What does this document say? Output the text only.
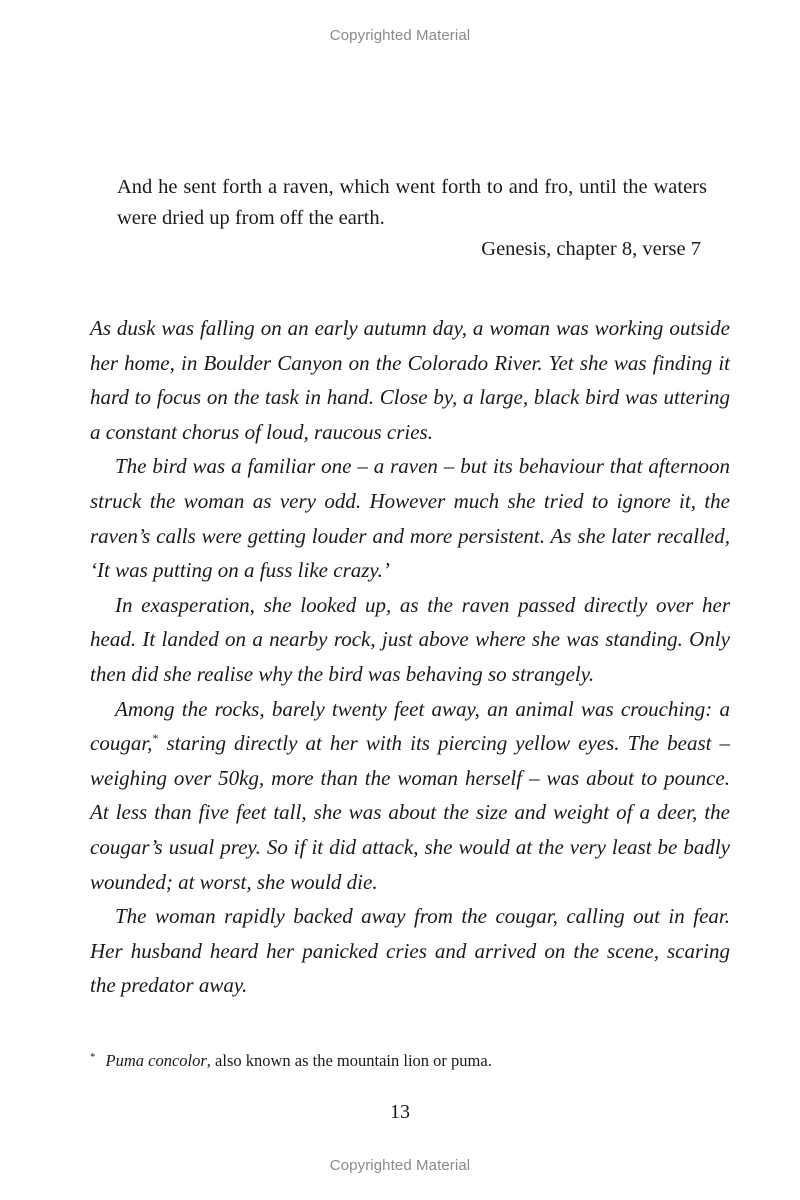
Copyrighted Material

And he sent forth a raven, which went forth to and fro, until the waters were dried up from off the earth.

Genesis, chapter 8, verse 7

As dusk was falling on an early autumn day, a woman was working outside her home, in Boulder Canyon on the Colorado River. Yet she was finding it hard to focus on the task in hand. Close by, a large, black bird was uttering a constant chorus of loud, raucous cries.

The bird was a familiar one – a raven – but its behaviour that afternoon struck the woman as very odd. However much she tried to ignore it, the raven’s calls were getting louder and more persistent. As she later recalled, ‘It was putting on a fuss like crazy.’

In exasperation, she looked up, as the raven passed directly over her head. It landed on a nearby rock, just above where she was standing. Only then did she realise why the bird was behaving so strangely.

Among the rocks, barely twenty feet away, an animal was crouching: a cougar,* staring directly at her with its piercing yellow eyes. The beast – weighing over 50kg, more than the woman herself – was about to pounce. At less than five feet tall, she was about the size and weight of a deer, the cougar’s usual prey. So if it did attack, she would at the very least be badly wounded; at worst, she would die.

The woman rapidly backed away from the cougar, calling out in fear. Her husband heard her panicked cries and arrived on the scene, scaring the predator away.

* Puma concolor, also known as the mountain lion or puma.
13
Copyrighted Material
